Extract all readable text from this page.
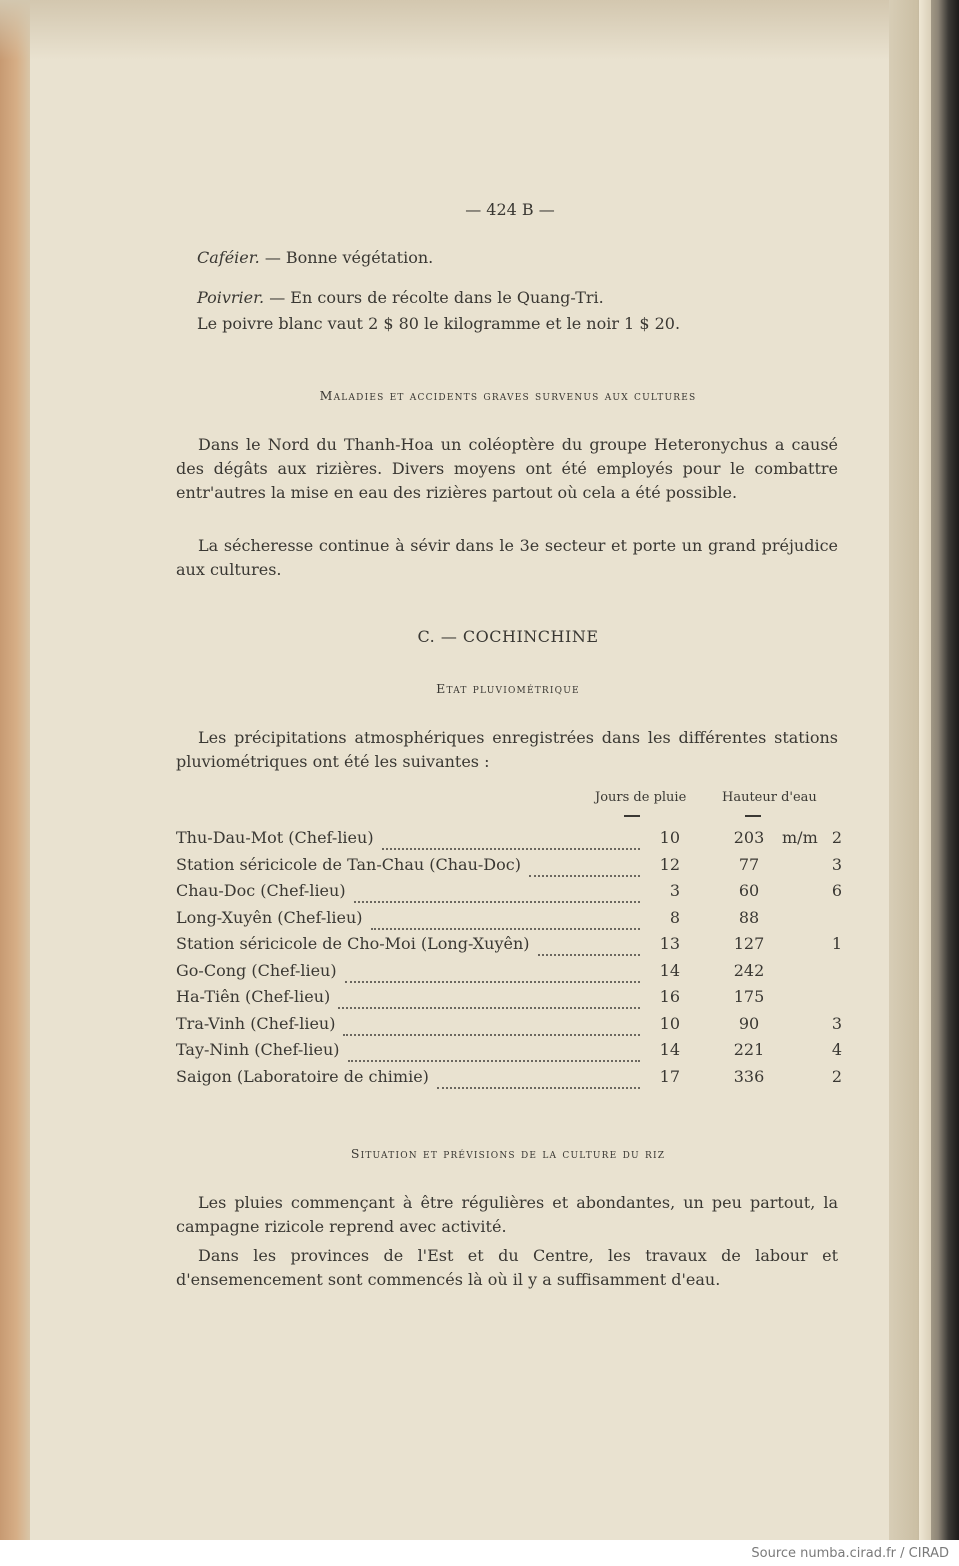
— 424 B —
Caféier. — Bonne végétation.
Poivrier. — En cours de récolte dans le Quang-Tri.
Le poivre blanc vaut 2 $ 80 le kilogramme et le noir 1 $ 20.
Maladies et accidents graves survenus aux cultures
Dans le Nord du Thanh-Hoa un coléoptère du groupe Heteronychus a causé des dégâts aux rizières. Divers moyens ont été employés pour le combattre entr'autres la mise en eau des rizières partout où cela a été possible.
La sécheresse continue à sévir dans le 3e secteur et porte un grand préjudice aux cultures.
C. — COCHINCHINE
Etat pluviométrique
Les précipitations atmosphériques enregistrées dans les différentes stations pluviométriques ont été les suivantes :
Jours de pluie	Hauteur d'eau
Thu-Dau-Mot (Chef-lieu)	10	203	m/m 2
Station séricicole de Tan-Chau (Chau-Doc)	12	77	3
Chau-Doc (Chef-lieu)	3	60	6
Long-Xuyên (Chef-lieu)	8	88
Station séricicole de Cho-Moi (Long-Xuyên)	13	127	1
Go-Cong (Chef-lieu)	14	242
Ha-Tiên (Chef-lieu)	16	175
Tra-Vinh (Chef-lieu)	10	90	3
Tay-Ninh (Chef-lieu)	14	221	4
Saigon (Laboratoire de chimie)	17	336	2
Situation et prévisions de la culture du riz
Les pluies commençant à être régulières et abondantes, un peu partout, la campagne rizicole reprend avec activité.
Dans les provinces de l'Est et du Centre, les travaux de labour et d'ensemencement sont commencés là où il y a suffisamment d'eau.
Source numba.cirad.fr / CIRAD
